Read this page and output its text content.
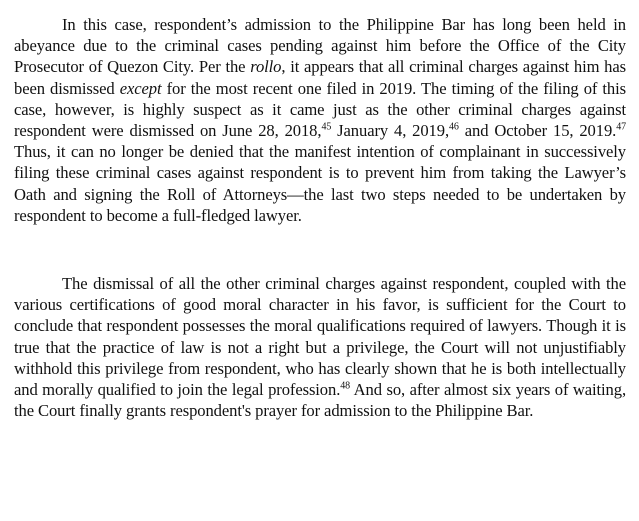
In this case, respondent’s admission to the Philippine Bar has long been held in abeyance due to the criminal cases pending against him before the Office of the City Prosecutor of Quezon City. Per the rollo, it appears that all criminal charges against him has been dismissed except for the most recent one filed in 2019. The timing of the filing of this case, however, is highly suspect as it came just as the other criminal charges against respondent were dismissed on June 28, 2018,45 January 4, 2019,46 and October 15, 2019.47 Thus, it can no longer be denied that the manifest intention of complainant in successively filing these criminal cases against respondent is to prevent him from taking the Lawyer’s Oath and signing the Roll of Attorneys—the last two steps needed to be undertaken by respondent to become a full-fledged lawyer.

The dismissal of all the other criminal charges against respondent, coupled with the various certifications of good moral character in his favor, is sufficient for the Court to conclude that respondent possesses the moral qualifications required of lawyers. Though it is true that the practice of law is not a right but a privilege, the Court will not unjustifiably withhold this privilege from respondent, who has clearly shown that he is both intellectually and morally qualified to join the legal profession.$^{48}$ And so, after almost six years of waiting, the Court finally grants respondent's prayer for admission to the Philippine Bar.
